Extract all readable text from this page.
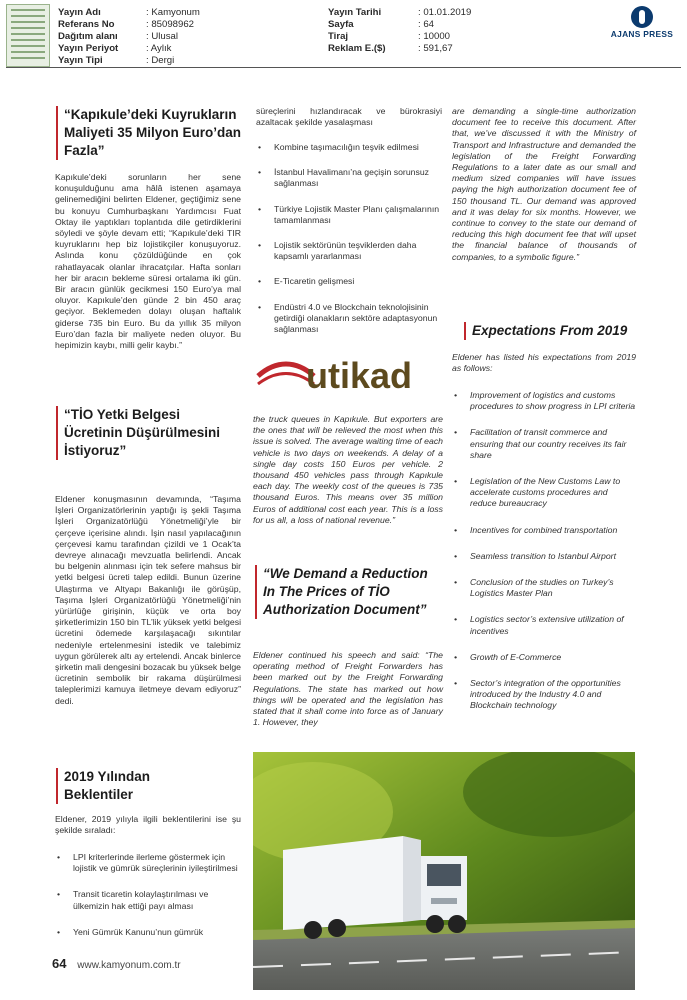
Yayın Adı	: Kamyonum
Referans No	: 85098962
Dağıtım alanı	: Ulusal
Yayın Periyot	: Aylık
Yayın Tipi	: Dergi
Yayın Tarihi	: 01.01.2019
Sayfa	: 64
Tiraj	: 10000
Reklam E.($)	: 591,67
AJANS PRESS
“Kapıkule’deki Kuyrukların Maliyeti 35 Milyon Euro’dan Fazla”
Kapıkule’deki sorunların her sene konuşulduğunu ama hâlâ istenen aşamaya gelinemediğini belirten Eldener, geçtiğimiz sene bu konuyu Cumhurbaşkanı Yardımcısı Fuat Oktay ile yaptıkları toplantıda dile getirdiklerini söyledi ve şöyle devam etti; “Kapıkule’deki TIR kuyruklarını hep biz lojistikçiler konuşuyoruz. Aslında konu çözüldüğünde en çok rahatlayacak olanlar ihracatçılar. Hafta sonları her bir aracın bekleme süresi ortalama iki gün. Bir aracın günlük gecikmesi 150 Euro’ya mal oluyor. Kapıkule’den günde 2 bin 450 araç geçiyor. Beklemeden dolayı oluşan haftalık giderse 735 bin Euro. Bu da yıllık 35 milyon Euro’dan fazla bir maliyete neden oluyor. Bu hepimizin kaybı, milli gelir kaybı.”
“TİO Yetki Belgesi Ücretinin Düşürülmesini İstiyoruz”
Eldener konuşmasının devamında, “Taşıma İşleri Organizatörlerinin yaptığı iş şekli Taşıma İşleri Organizatörlüğü Yönetmeliği’yle bir çerçeve içerisine alındı. İşin nasıl yapılacağının çerçevesi kamu tarafından çizildi ve 1 Ocak’ta devreye alınacağı mevzuatla belirlendi. Ancak bu belgenin alınması için tek sefere mahsus bir yetki belgesi ücreti talep edildi. Bunun üzerine Ulaştırma ve Altyapı Bakanlığı ile görüşüp, Taşıma İşleri Organizatörlüğü Yönetmeliği’nin yürürlüğe girişinin, küçük ve orta boy şirketlerimizin 150 bin TL’lik yüksek yetki belgesi ücretini ödemede karşılaşacağı sıkıntılar nedeniyle ertelenmesini istedik ve talebimiz uygun görülerek altı ay ertelendi. Ancak binlerce şirketin mali dengesini bozacak bu yüksek belge ücretinin sembolik bir rakama düşürülmesi taleplerimizi kamuya iletmeye devam ediyoruz” dedi.
2019 Yılından Beklentiler
Eldener, 2019 yılıyla ilgili beklentilerini ise şu şekilde sıraladı:
• LPI kriterlerinde ilerleme göstermek için lojistik ve gümrük süreçlerinin iyileştirilmesi
• Transit ticaretin kolaylaştırılması ve ülkemizin hak ettiği payı alması
• Yeni Gümrük Kanunu’nun gümrük
süreçlerini hızlandıracak ve bürokrasiyi azaltacak şekilde yasalaşması
• Kombine taşımacılığın teşvik edilmesi
• İstanbul Havalimanı’na geçişin sorunsuz sağlanması
• Türkiye Lojistik Master Planı çalışmalarının tamamlanması
• Lojistik sektörünün teşviklerden daha kapsamlı yararlanması
• E-Ticaretin gelişmesi
• Endüstri 4.0 ve Blockchain teknolojisinin getirdiği olanakların sektöre adaptasyonun sağlanması
utikad
the truck queues in Kapıkule. But exporters are the ones that will be relieved the most when this issue is solved. The average waiting time of each vehicle is two days on weekends. A delay of a single day costs 150 Euros per vehicle. 2 thousand 450 vehicles pass through Kapıkule each day. The weekly cost of the queues is 735 thousand Euros. This means over 35 million Euros of additional cost each year. This is a loss for us all, a loss of national revenue.”
“We Demand a Reduction In The Prices of TİO Authorization Document”
Eldener continued his speech and said: “The operating method of Freight Forwarders has been marked out by the Freight Forwarding Regulations. The state has marked out how things will be operated and the legislation has stated that it shall come into force as of January 1. However, they
are demanding a single-time authorization document fee to receive this document. After that, we’ve discussed it with the Ministry of Transport and Infrastructure and demanded the legislation of the Freight Forwarding Regulations to a later date as our small and medium sized companies will have issues paying the high authorization document fee of 150 thousand TL. Our demand was approved and it was delay for six months. However, we continue to convey to the state our demand of reducing this high document fee that will upset the financial balance of thousands of companies, to a symbolic figure.”
Expectations From 2019
Eldener has listed his expectations from 2019 as follows:
• Improvement of logistics and customs procedures to show progress in LPI criteria
• Facilitation of transit commerce and ensuring that our country receives its fair share
• Legislation of the New Customs Law to accelerate customs procedures and reduce bureaucracy
• Incentives for combined transportation
• Seamless transition to Istanbul Airport
• Conclusion of the studies on Turkey’s Logistics Master Plan
• Logistics sector’s extensive utilization of incentives
• Growth of E-Commerce
• Sector’s integration of the opportunities introduced by the Industry 4.0 and Blockchain technology
64 www.kamyonum.com.tr
